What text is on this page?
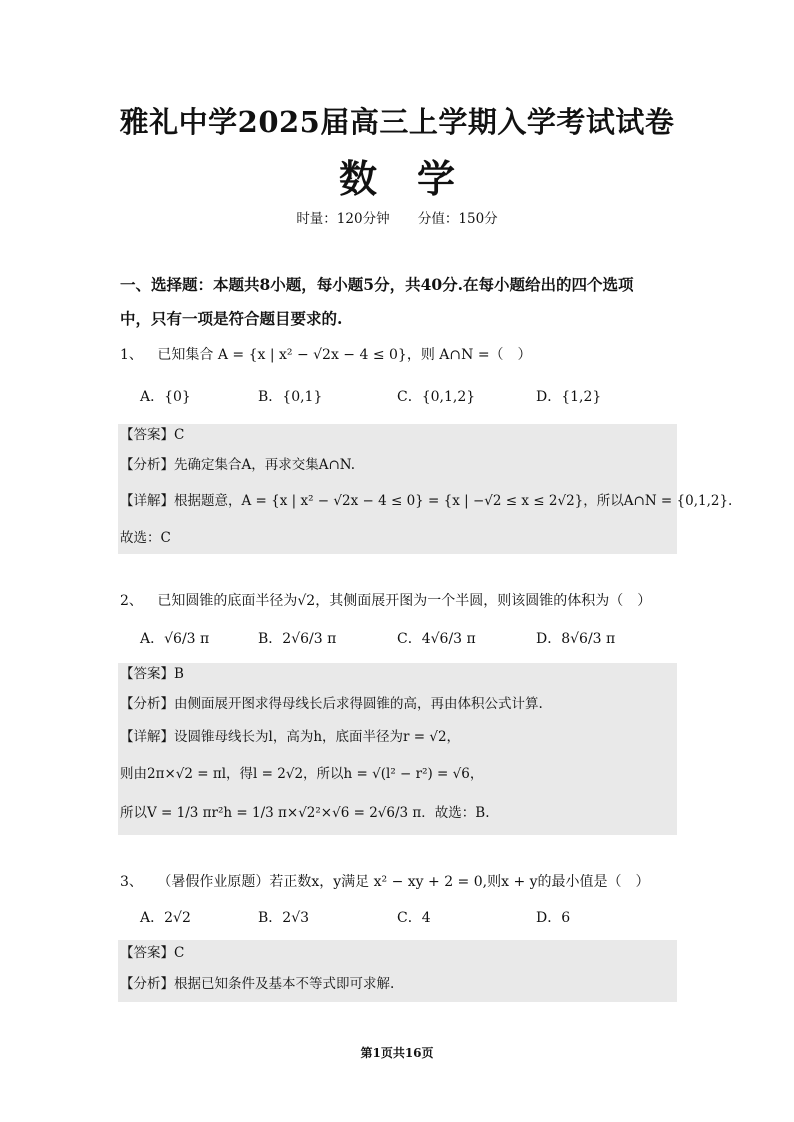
雅礼中学2025届高三上学期入学考试试卷
数学
时量：120分钟 分值：150分
一、选择题：本题共8小题，每小题5分，共40分.在每小题给出的四个选项
中，只有一项是符合题目要求的.
1、 已知集合 A = {x | x² − √2x − 4 ≤ 0}，则 A∩N =（　）
A．{0}	B．{0,1}	C．{0,1,2}	D．{1,2}
【答案】C
【分析】先确定集合A，再求交集A∩N.
【详解】根据题意，A = {x | x² − √2x − 4 ≤ 0} = {x | −√2 ≤ x ≤ 2√2}，所以A∩N = {0,1,2}.
故选：C
2、 已知圆锥的底面半径为√2，其侧面展开图为一个半圆，则该圆锥的体积为（　）
A．√6/3 π	B．2√6/3 π	C．4√6/3 π	D．8√6/3 π
【答案】B
【分析】由侧面展开图求得母线长后求得圆锥的高，再由体积公式计算.
【详解】设圆锥母线长为l，高为h，底面半径为r = √2，
则由2π×√2 = πl，得l = 2√2，所以h = √(l² − r²) = √6，
所以V = 1/3 πr²h = 1/3 π×√2²×√6 = 2√6/3 π．故选：B.
3、 （暑假作业原题）若正数x，y满足 x² − xy + 2 = 0,则x + y的最小值是（　）
A．2√2	B．2√3	C．4	D．6
【答案】C
【分析】根据已知条件及基本不等式即可求解.
第1页共16页
